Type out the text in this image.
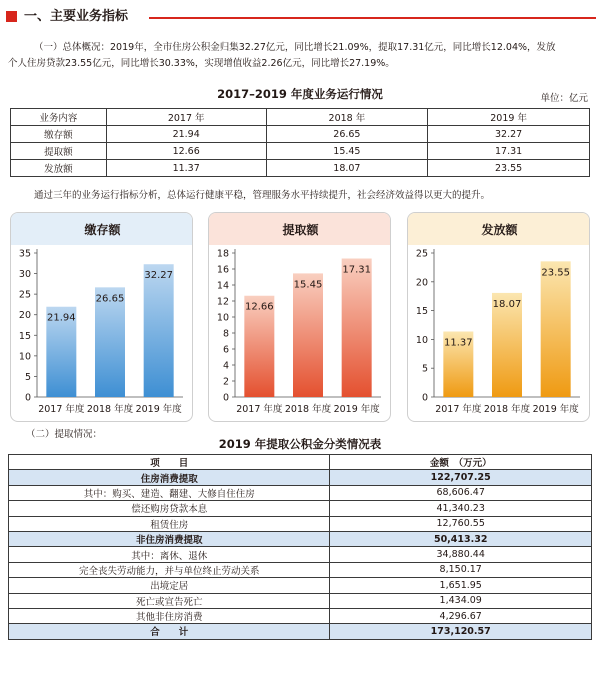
一、主要业务指标
（一）总体概况：2019年，全市住房公积金归集32.27亿元，同比增长21.09%，提取17.31亿元，同比增长12.04%，发放
个人住房贷款23.55亿元，同比增长30.33%，实现增值收益2.26亿元，同比增长27.19%。
2017–2019 年度业务运行情况	单位：亿元
业务内容	2017 年	2018 年	2019 年
缴存额	21.94	26.65	32.27
提取额	12.66	15.45	17.31
发放额	11.37	18.07	23.55
通过三年的业务运行指标分析，总体运行健康平稳，管理服务水平持续提升，社会经济效益得以更大的提升。
缴存额
0
5
10
15
20
25
30
35
21.94
2017 年度
26.65
2018 年度
32.27
2019 年度
提取额
0
2
4
6
8
10
12
14
16
18
12.66
2017 年度
15.45
2018 年度
17.31
2019 年度
发放额
0
5
10
15
20
25
11.37
2017 年度
18.07
2018 年度
23.55
2019 年度
（二）提取情况：
2019 年提取公积金分类情况表
项　　目	金额　（万元）
住房消费提取	122,707.25
其中：购买、建造、翻建、大修自住住房	68,606.47
偿还购房贷款本息	41,340.23
租赁住房	12,760.55
非住房消费提取	50,413.32
其中：离休、退休	34,880.44
完全丧失劳动能力，并与单位终止劳动关系	8,150.17
出境定居	1,651.95
死亡或宣告死亡	1,434.09
其他非住房消费	4,296.67
合　　计	173,120.57
